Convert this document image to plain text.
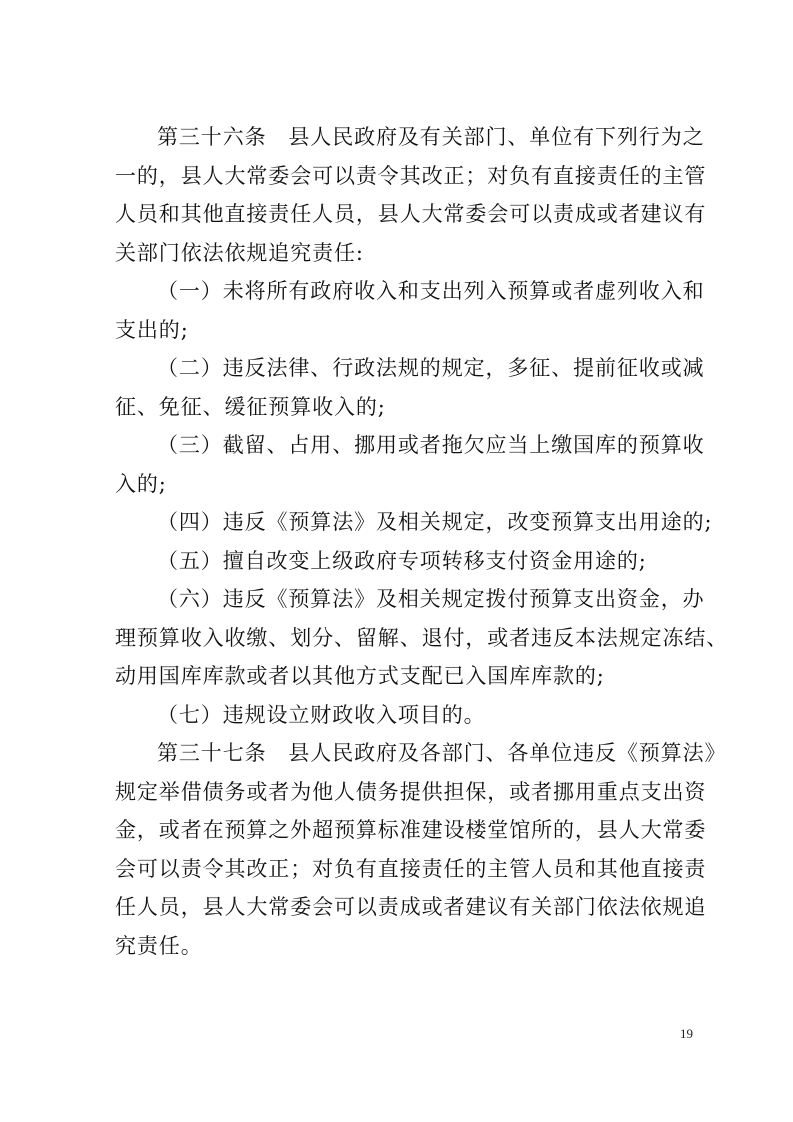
第三十六条　县人民政府及有关部门、单位有下列行为之

一的，县人大常委会可以责令其改正；对负有直接责任的主管

人员和其他直接责任人员，县人大常委会可以责成或者建议有

关部门依法依规追究责任:

（一）未将所有政府收入和支出列入预算或者虚列收入和

支出的;

（二）违反法律、行政法规的规定，多征、提前征收或减

征、免征、缓征预算收入的;

（三）截留、占用、挪用或者拖欠应当上缴国库的预算收

入的;

（四）违反《预算法》及相关规定，改变预算支出用途的;

（五）擅自改变上级政府专项转移支付资金用途的;

（六）违反《预算法》及相关规定拨付预算支出资金，办

理预算收入收缴、划分、留解、退付，或者违反本法规定冻结、

动用国库库款或者以其他方式支配已入国库库款的;

（七）违规设立财政收入项目的。

第三十七条　县人民政府及各部门、各单位违反《预算法》

规定举借债务或者为他人债务提供担保，或者挪用重点支出资

金，或者在预算之外超预算标准建设楼堂馆所的，县人大常委

会可以责令其改正；对负有直接责任的主管人员和其他直接责

任人员，县人大常委会可以责成或者建议有关部门依法依规追

究责任。

19
